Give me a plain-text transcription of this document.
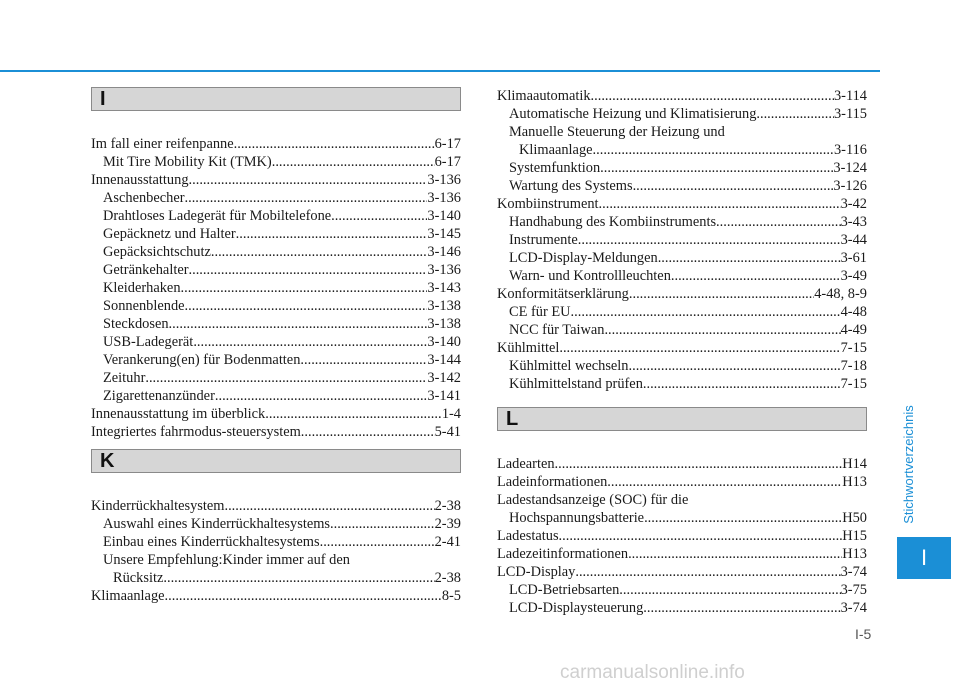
I
Im fall einer reifenpanne .....	6-17
Mit Tire Mobility Kit (TMK) .....	6-17
Innenausstattung .....	3-136
Aschenbecher .....	3-136
Drahtloses Ladegerät für Mobiltelefone .....	3-140
Gepäcknetz und Halter .....	3-145
Gepäcksichtschutz .....	3-146
Getränkehalter .....	3-136
Kleiderhaken .....	3-143
Sonnenblende .....	3-138
Steckdosen .....	3-138
USB-Ladegerät .....	3-140
Verankerung(en) für Bodenmatten .....	3-144
Zeituhr .....	3-142
Zigarettenanzünder .....	3-141
Innenausstattung im überblick .....	1-4
Integriertes fahrmodus-steuersystem .....	5-41
K
Kinderrückhaltesystem .....	2-38
Auswahl eines Kinderrückhaltesystems .....	2-39
Einbau eines Kinderrückhaltesystems .....	2-41
Unsere Empfehlung:Kinder immer auf den
Rücksitz .....	2-38
Klimaanlage .....	8-5
Klimaautomatik .....	3-114
Automatische Heizung und Klimatisierung .....	3-115
Manuelle Steuerung der Heizung und
Klimaanlage .....	3-116
Systemfunktion .....	3-124
Wartung des Systems .....	3-126
Kombiinstrument .....	3-42
Handhabung des Kombiinstruments .....	3-43
Instrumente .....	3-44
LCD-Display-Meldungen .....	3-61
Warn- und Kontrollleuchten .....	3-49
Konformitätserklärung .....	4-48, 8-9
CE für EU .....	4-48
NCC für Taiwan .....	4-49
Kühlmittel .....	7-15
Kühlmittel wechseln .....	7-18
Kühlmittelstand prüfen .....	7-15
L
Ladearten .....	H14
Ladeinformationen .....	H13
Ladestandsanzeige (SOC) für die
Hochspannungsbatterie .....	H50
Ladestatus .....	H15
Ladezeitinformationen .....	H13
LCD-Display .....	3-74
LCD-Betriebsarten .....	3-75
LCD-Displaysteuerung .....	3-74
Stichwortverzeichnis
I
I-5
carmanualsonline.info
